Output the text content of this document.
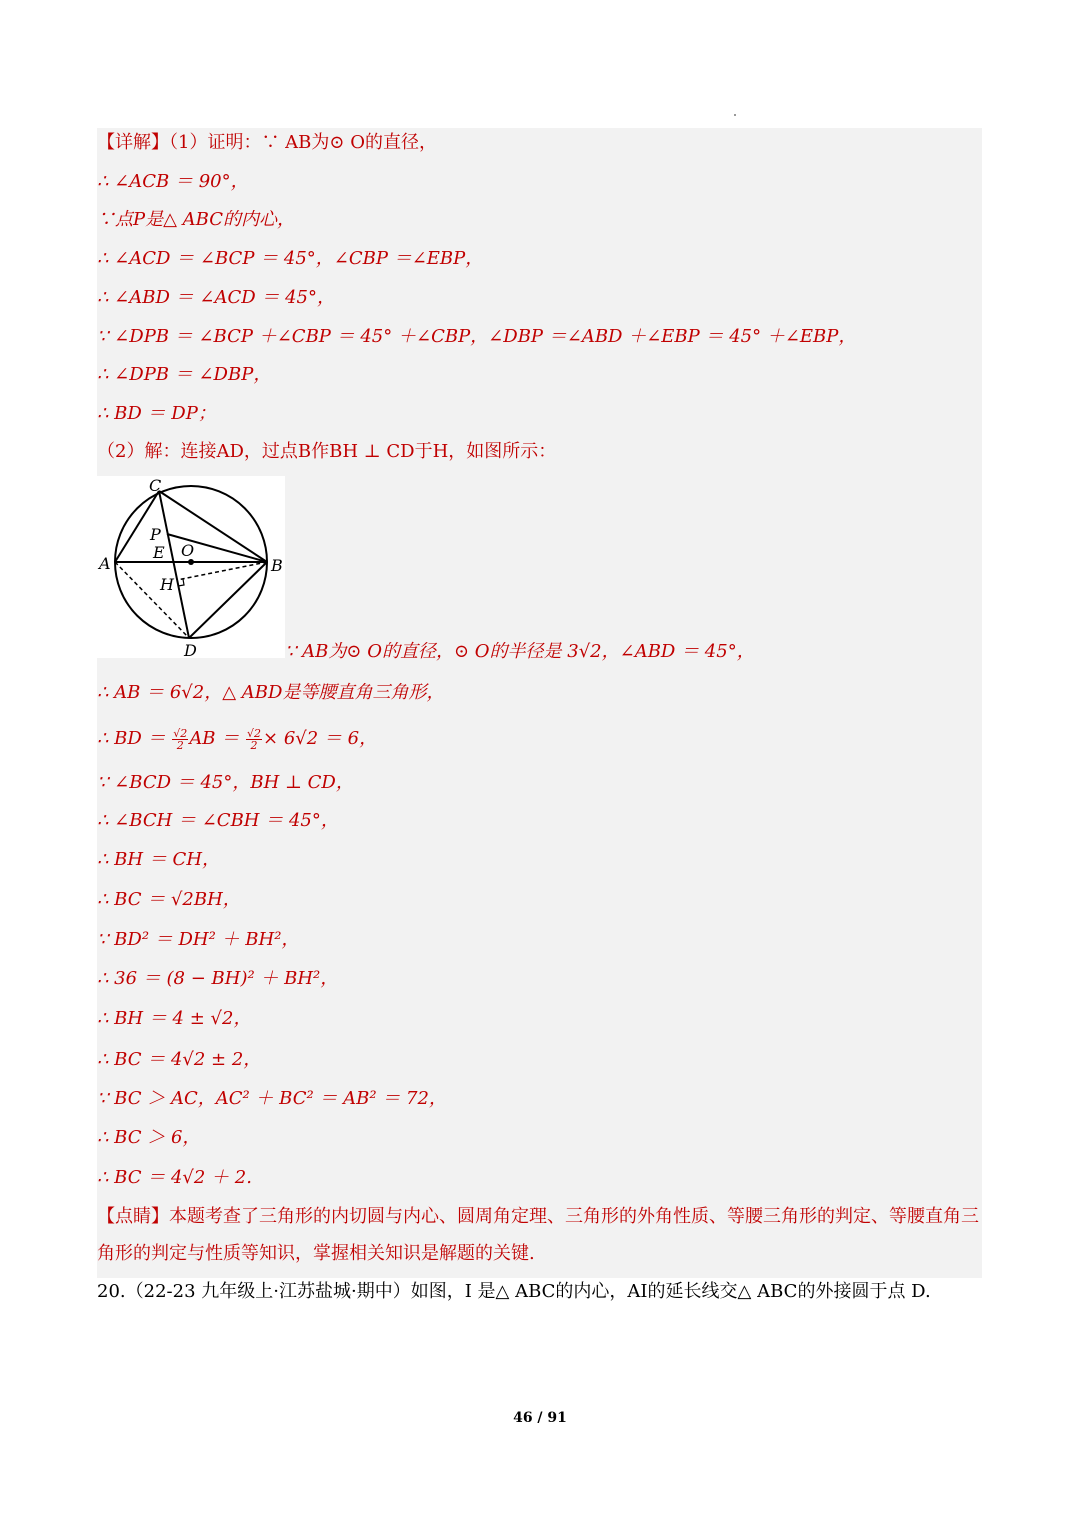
【详解】（1）证明：∵ AB为⊙ O的直径，
∴ ∠ACB ＝ 90°，
∵点P是△ ABC的内心，
∴ ∠ACD ＝ ∠BCP ＝ 45°，∠CBP ＝∠EBP，
∴ ∠ABD ＝ ∠ACD ＝ 45°，
∵ ∠DPB ＝ ∠BCP ＋∠CBP ＝ 45° ＋∠CBP，∠DBP ＝∠ABD ＋∠EBP ＝ 45° ＋∠EBP，
∴ ∠DPB ＝ ∠DBP，
∴ BD ＝ DP；
（2）解：连接AD，过点B作BH ⊥ CD于H，如图所示：
C
P
E O
A	B
H
D	∵ AB为⊙ O的直径，⊙ O的半径是 3√2，∠ABD ＝ 45°，
∴ AB ＝ 6√2，△ ABD是等腰直角三角形，
∴ BD ＝ $\frac{√2}{2}$ AB ＝ $\frac{√2}{2} \times 6√2 = 6$，
∵ ∠BCD ＝ 45°，BH ⊥ CD，
∴ ∠BCH ＝ ∠CBH ＝ 45°，
∴ BH ＝ CH，
∴ BC ＝ √2BH，
∵ BD² ＝ DH² ＋ BH²，
∴ 36 ＝ (8 − BH)² ＋ BH²，
∴ BH ＝ 4 ± √2，
∴ BC ＝ 4√2 ± 2，
∵ BC ＞ AC，AC² ＋ BC² ＝ AB² ＝ 72，
∴ BC ＞ 6，
∴ BC ＝ 4√2 ＋ 2.
【点睛】本题考查了三角形的内切圆与内心、圆周角定理、三角形的外角性质、等腰三角形的判定、等腰直角三角形的判定与性质等知识，掌握相关知识是解题的关键.
20.（22-23 九年级上·江苏盐城·期中）如图，I 是△ ABC的内心，AI的延长线交△ ABC的外接圆于点 D.
46 / 91
